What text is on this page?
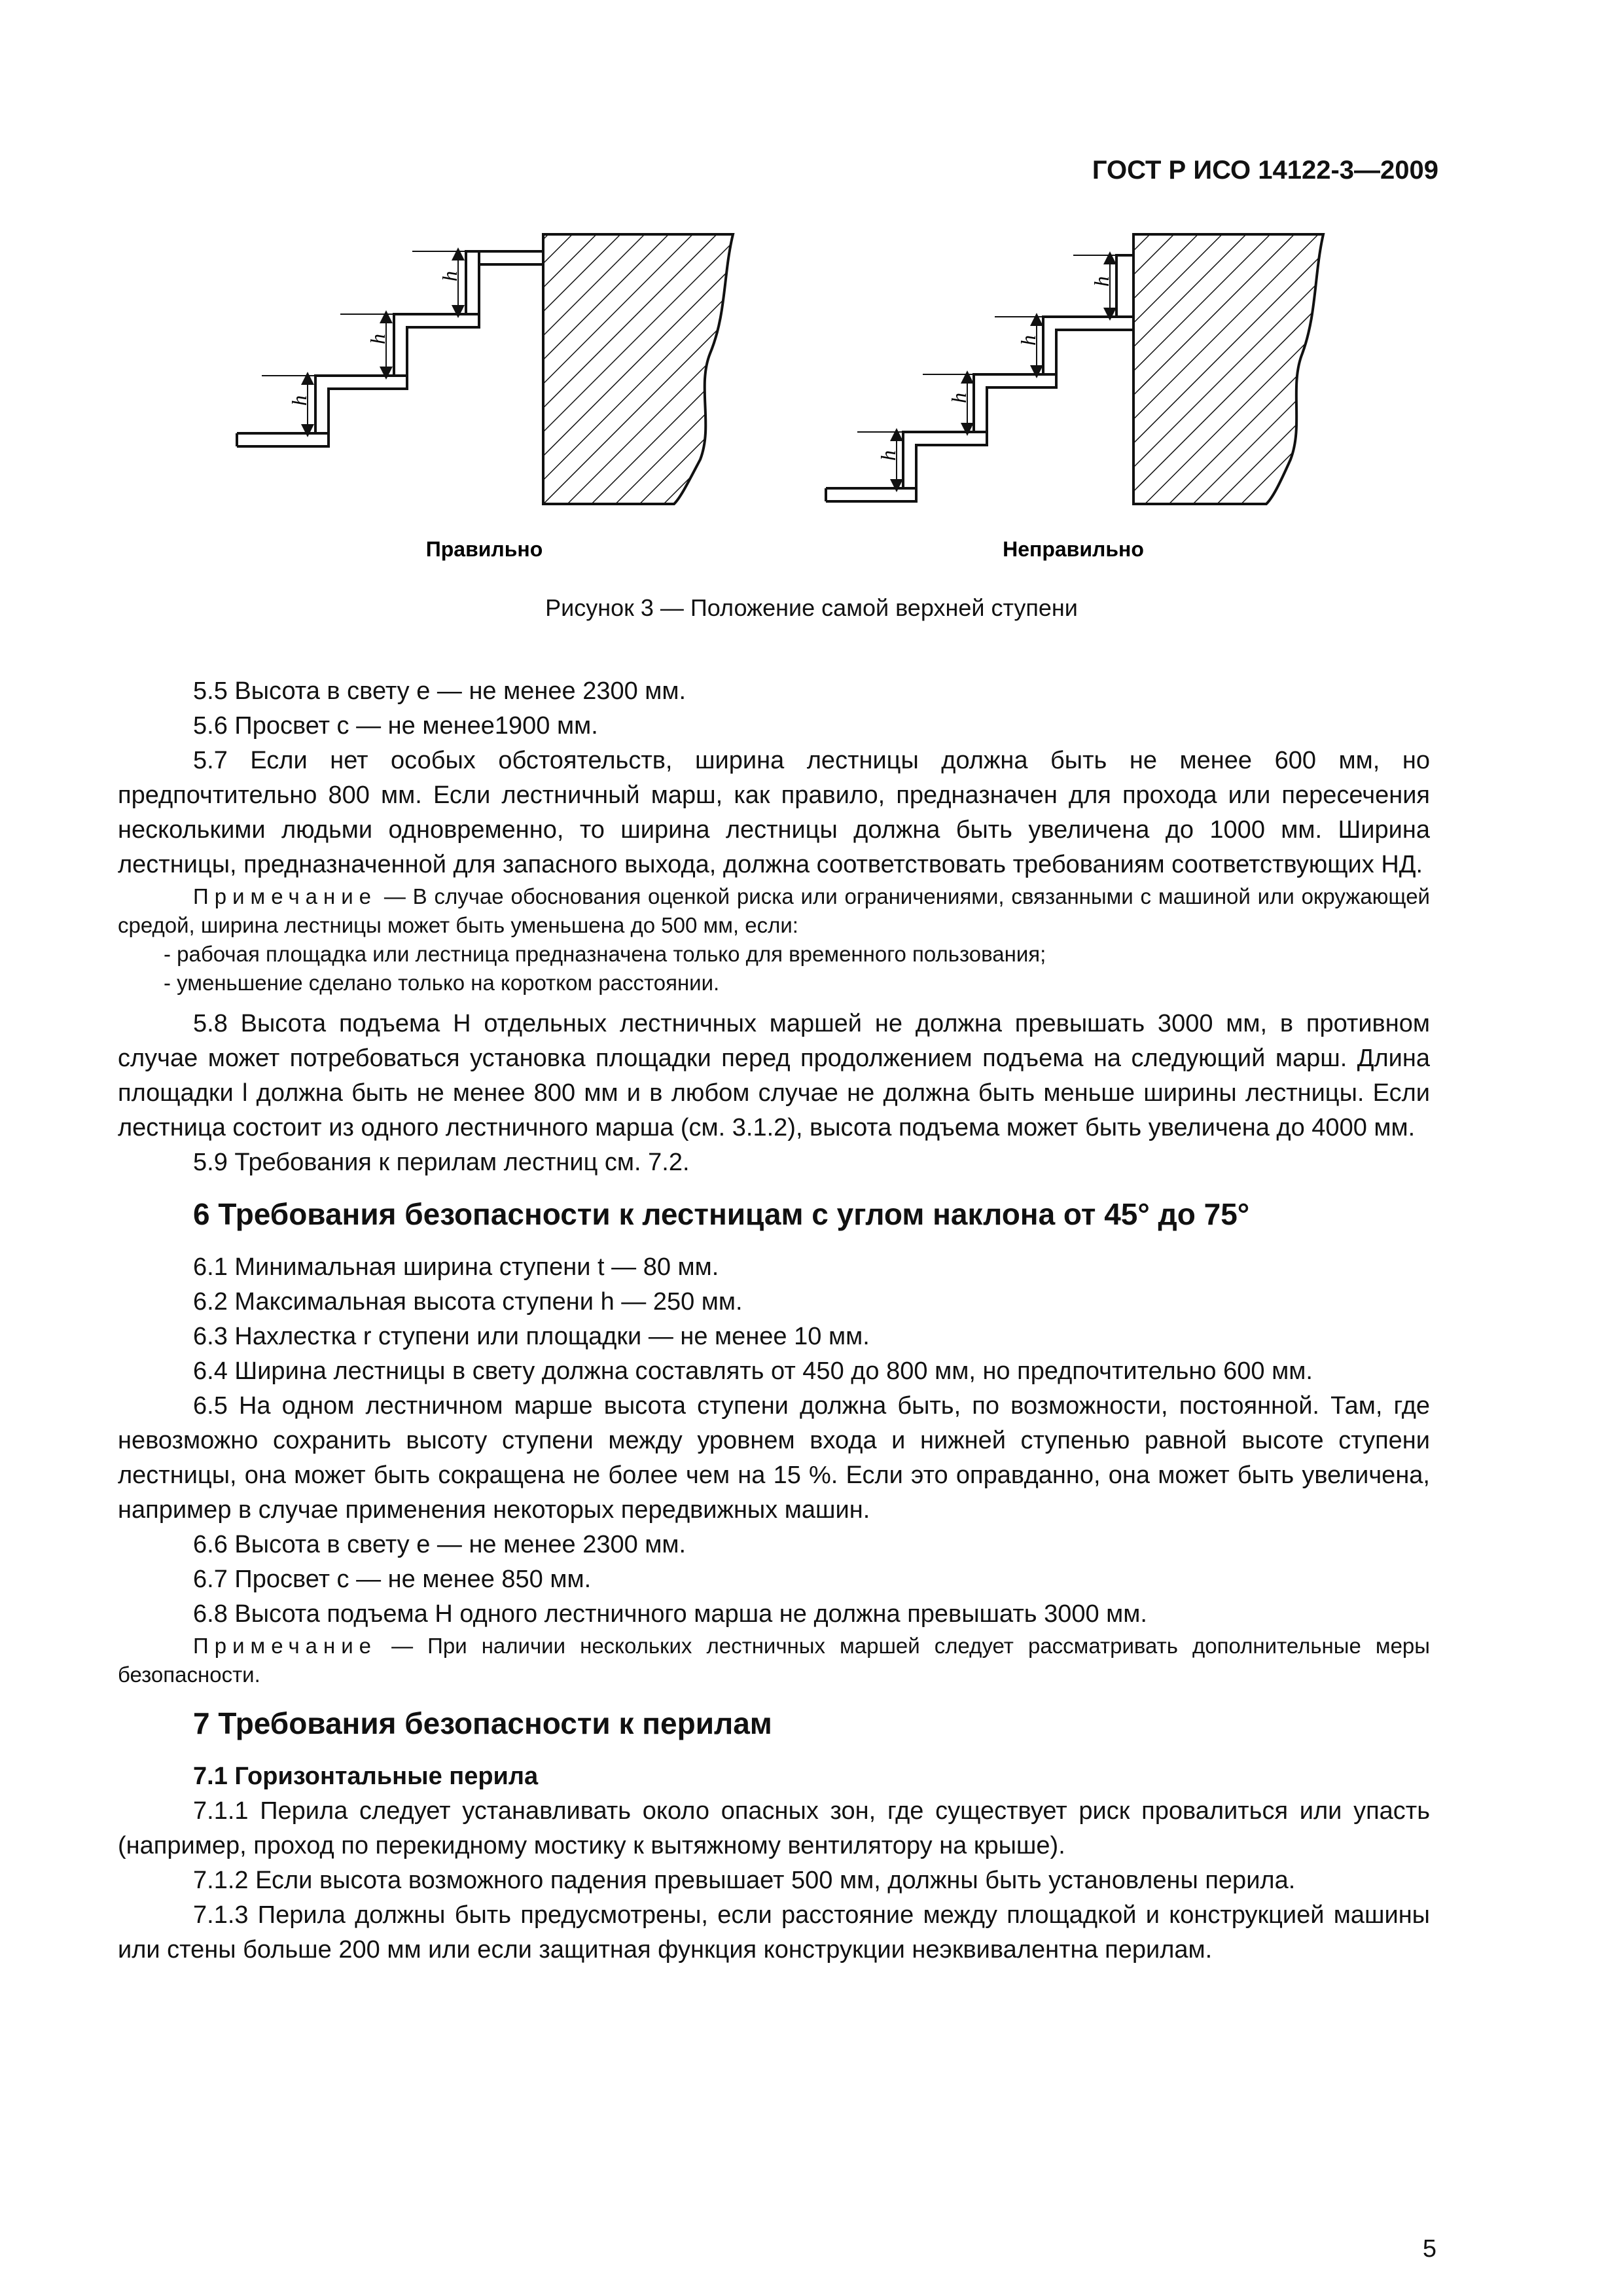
ГОСТ Р ИСО 14122-3—2009
h
h
h
h
h
h
h
Правильно	Неправильно
Рисунок 3 — Положение самой верхней ступени

5.5 Высота в свету e — не менее 2300 мм.

5.6 Просвет c — не менее1900 мм.

5.7 Если нет особых обстоятельств, ширина лестницы должна быть не менее 600 мм, но предпочтительно 800 мм. Если лестничный марш, как правило, предназначен для прохода или пересечения несколькими людьми одновременно, то ширина лестницы должна быть увеличена до 1000 мм. Ширина лестницы, предназначенной для запасного выхода, должна соответствовать требованиям соответствующих НД.

Примечание — В случае обоснования оценкой риска или ограничениями, связанными с машиной или окружающей средой, ширина лестницы может быть уменьшена до 500 мм, если:

- рабочая площадка или лестница предназначена только для временного пользования;

- уменьшение сделано только на коротком расстоянии.

5.8 Высота подъема H отдельных лестничных маршей не должна превышать 3000 мм, в противном случае может потребоваться установка площадки перед продолжением подъема на следующий марш. Длина площадки l должна быть не менее 800 мм и в любом случае не должна быть меньше ширины лестницы. Если лестница состоит из одного лестничного марша (см. 3.1.2), высота подъема может быть увеличена до 4000 мм.

5.9 Требования к перилам лестниц см. 7.2.

6 Требования безопасности к лестницам с углом наклона от 45° до 75°

6.1 Минимальная ширина ступени t — 80 мм.

6.2 Максимальная высота ступени h — 250 мм.

6.3 Нахлестка r ступени или площадки — не менее 10 мм.

6.4 Ширина лестницы в свету должна составлять от 450 до 800 мм, но предпочтительно 600 мм.

6.5 На одном лестничном марше высота ступени должна быть, по возможности, постоянной. Там, где невозможно сохранить высоту ступени между уровнем входа и нижней ступенью равной высоте ступени лестницы, она может быть сокращена не более чем на 15 %. Если это оправданно, она может быть увеличена, например в случае применения некоторых передвижных машин.

6.6 Высота в свету e — не менее 2300 мм.

6.7 Просвет c — не менее 850 мм.

6.8 Высота подъема H одного лестничного марша не должна превышать 3000 мм.

Примечание — При наличии нескольких лестничных маршей следует рассматривать дополнительные меры безопасности.

7 Требования безопасности к перилам
7.1 Горизонтальные перила

7.1.1 Перила следует устанавливать около опасных зон, где существует риск провалиться или упасть (например, проход по перекидному мостику к вытяжному вентилятору на крыше).

7.1.2 Если высота возможного падения превышает 500 мм, должны быть установлены перила.

7.1.3 Перила должны быть предусмотрены, если расстояние между площадкой и конструкцией машины или стены больше 200 мм или если защитная функция конструкции неэквивалентна перилам.

5
